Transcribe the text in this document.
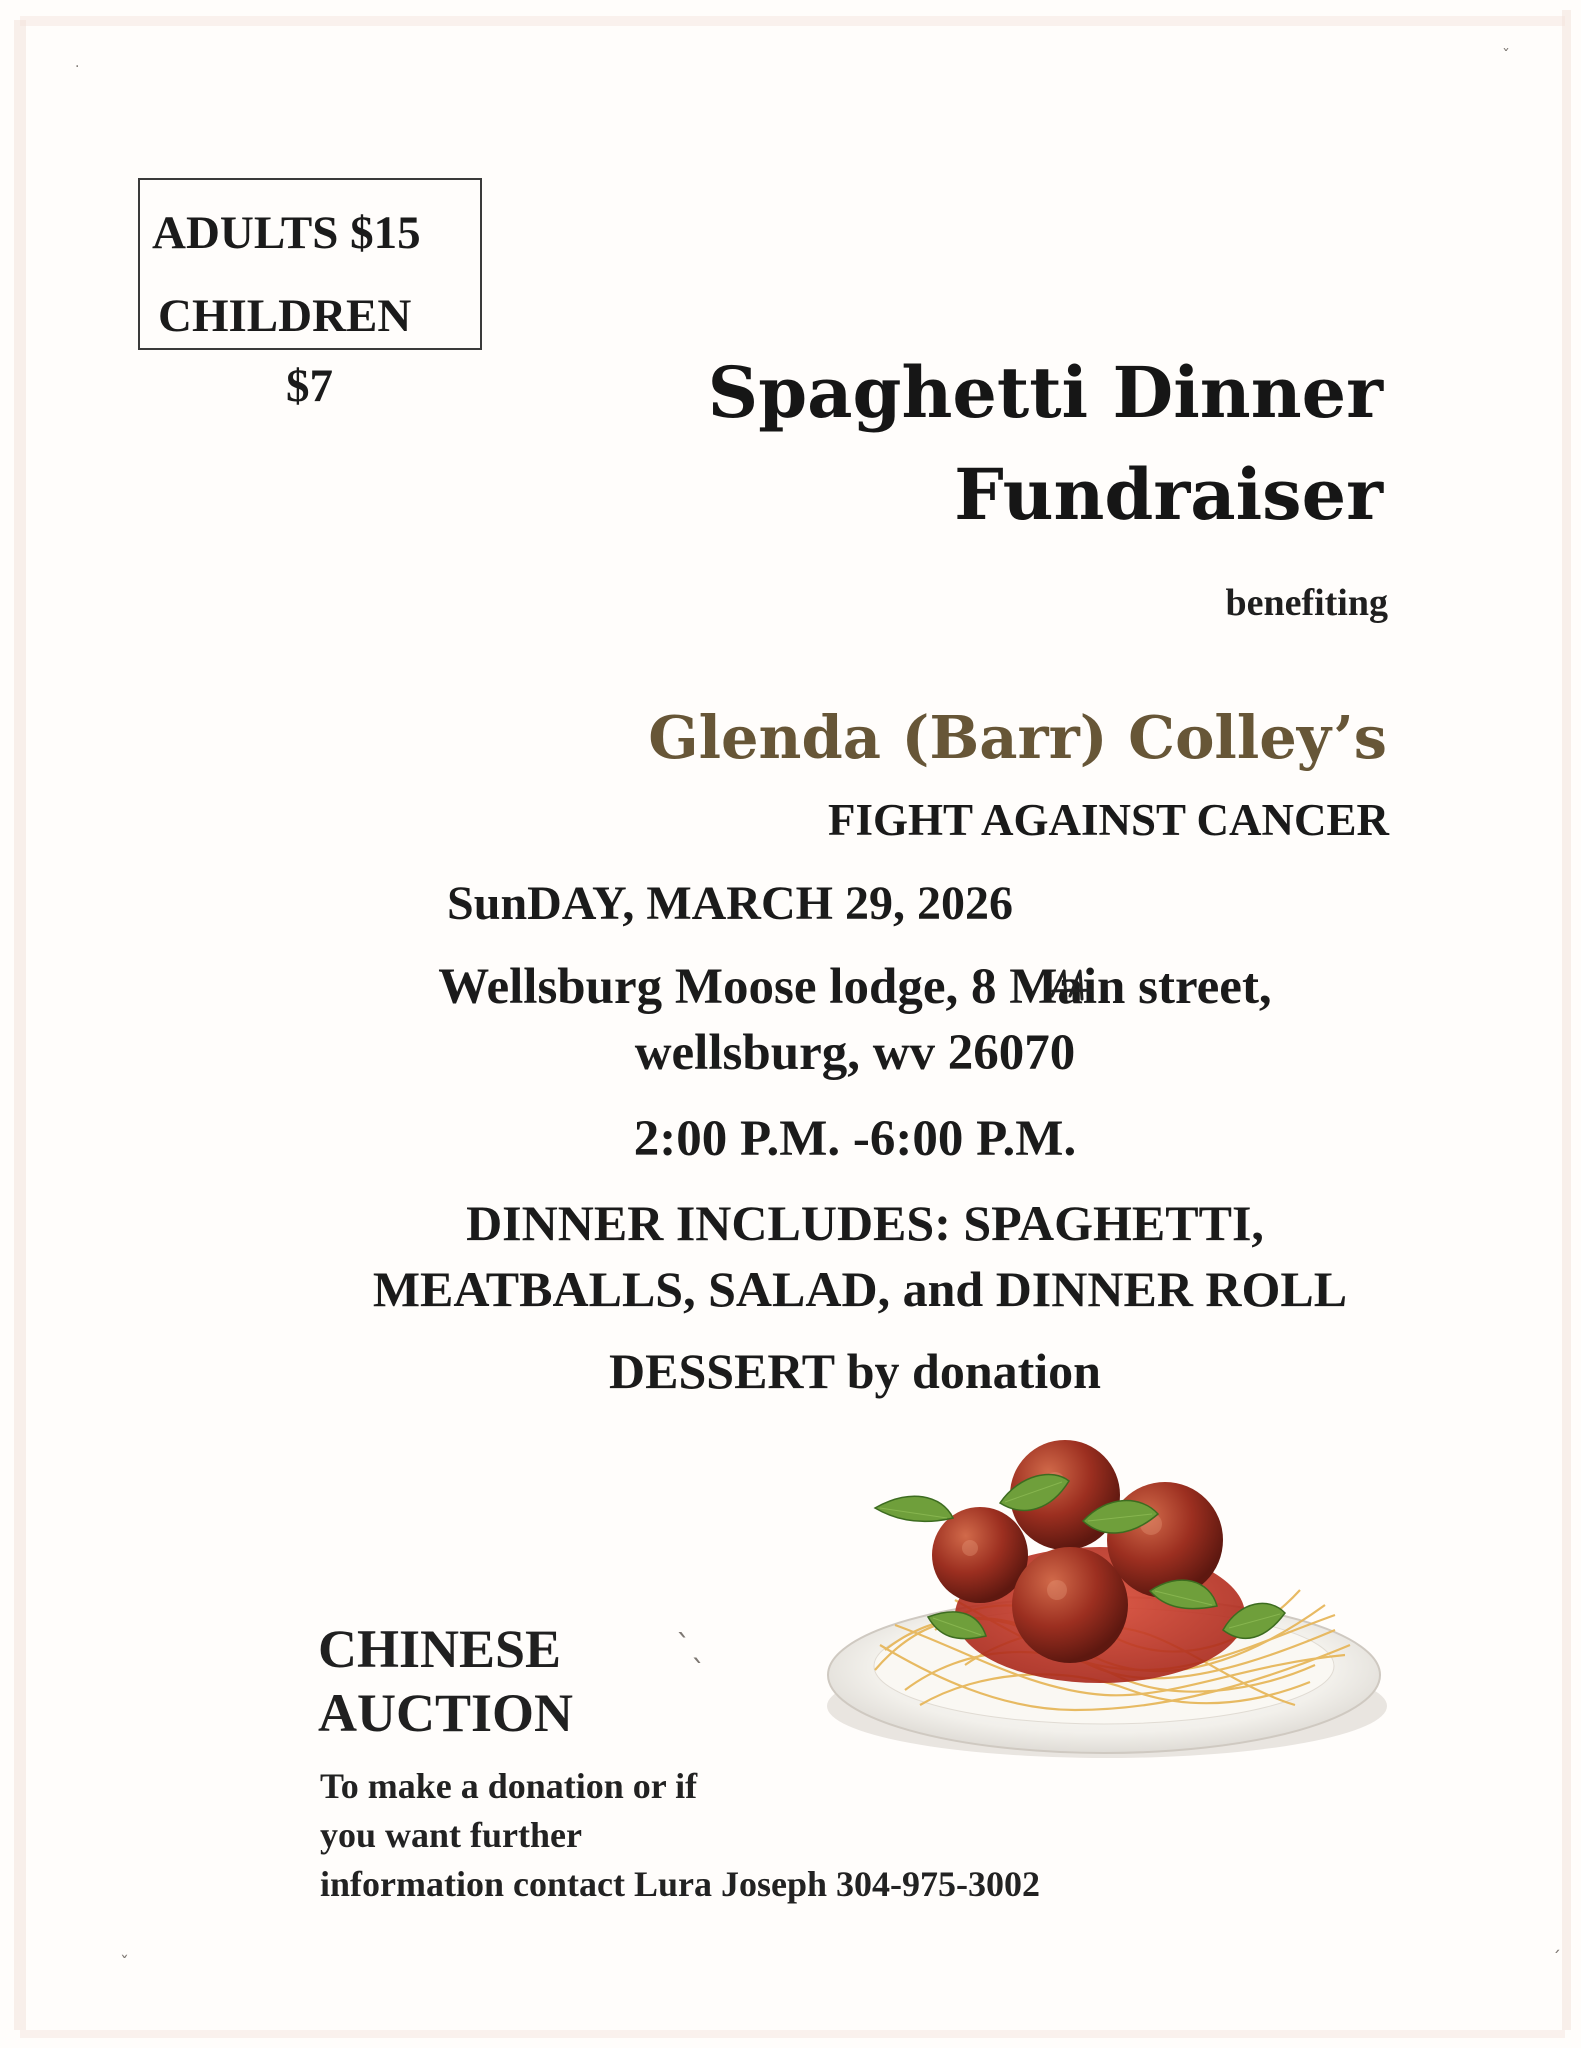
ADULTS $15
CHILDREN
$7	Spaghetti Dinner
Fundraiser
benefiting
Glenda (Barr) Colley’s
FIGHT AGAINST CANCER
SunDAY, MARCH 29, 2026
Wellsburg Moose lodge, 8 Main street,
wellsburg, wv 26070
2:00 P.M. -6:00 P.M.
DINNER INCLUDES: SPAGHETTI,
MEATBALLS, SALAD, and DINNER ROLL
DESSERT by donation
CHINESE
AUCTION
To make a donation or if
you want further
information contact Lura Joseph 304-975-3002
·
ˇ
ˋˎ
ˇ
ˏ
